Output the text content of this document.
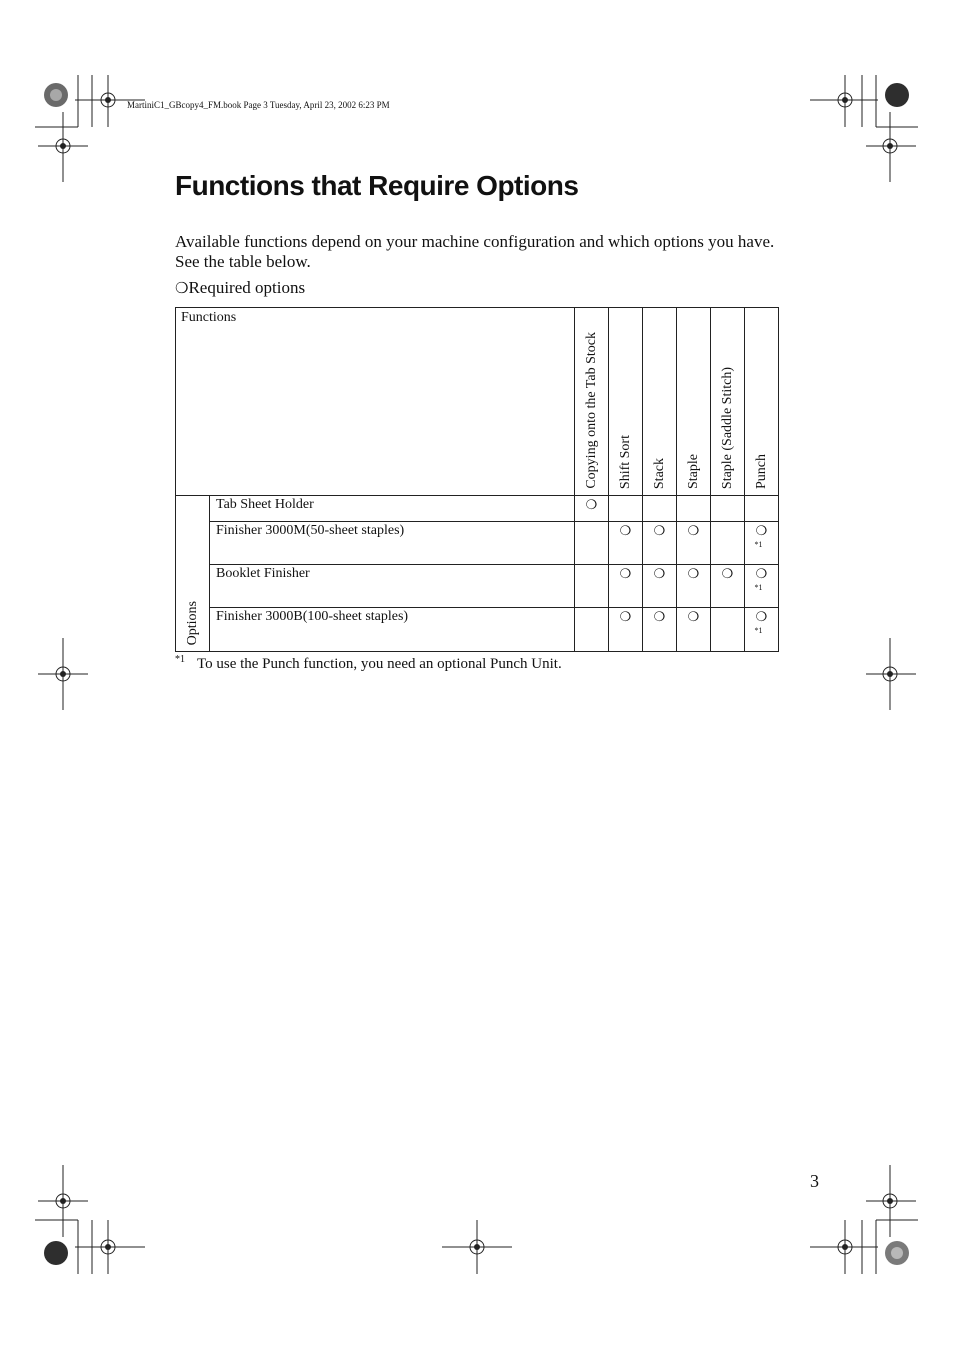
MartiniC1_GBcopy4_FM.book Page 3 Tuesday, April 23, 2002 6:23 PM
Functions that Require Options

Available functions depend on your machine configuration and which options you have. See the table below.

❍Required options
Functions		Copying onto the Tab Stock	Shift Sort	Stack	Staple	Staple (Saddle Stitch)	Punch

Options	Tab Sheet Holder	❍					
	Finisher 3000M(50-sheet staples)		❍	❍	❍		❍
*1

	Booklet Finisher		❍	❍	❍	❍	❍
*1

	Finisher 3000B(100-sheet staples)		❍	❍	❍		❍
*1
$^{*1}$ To use the Punch function, you need an optional Punch Unit.
3
